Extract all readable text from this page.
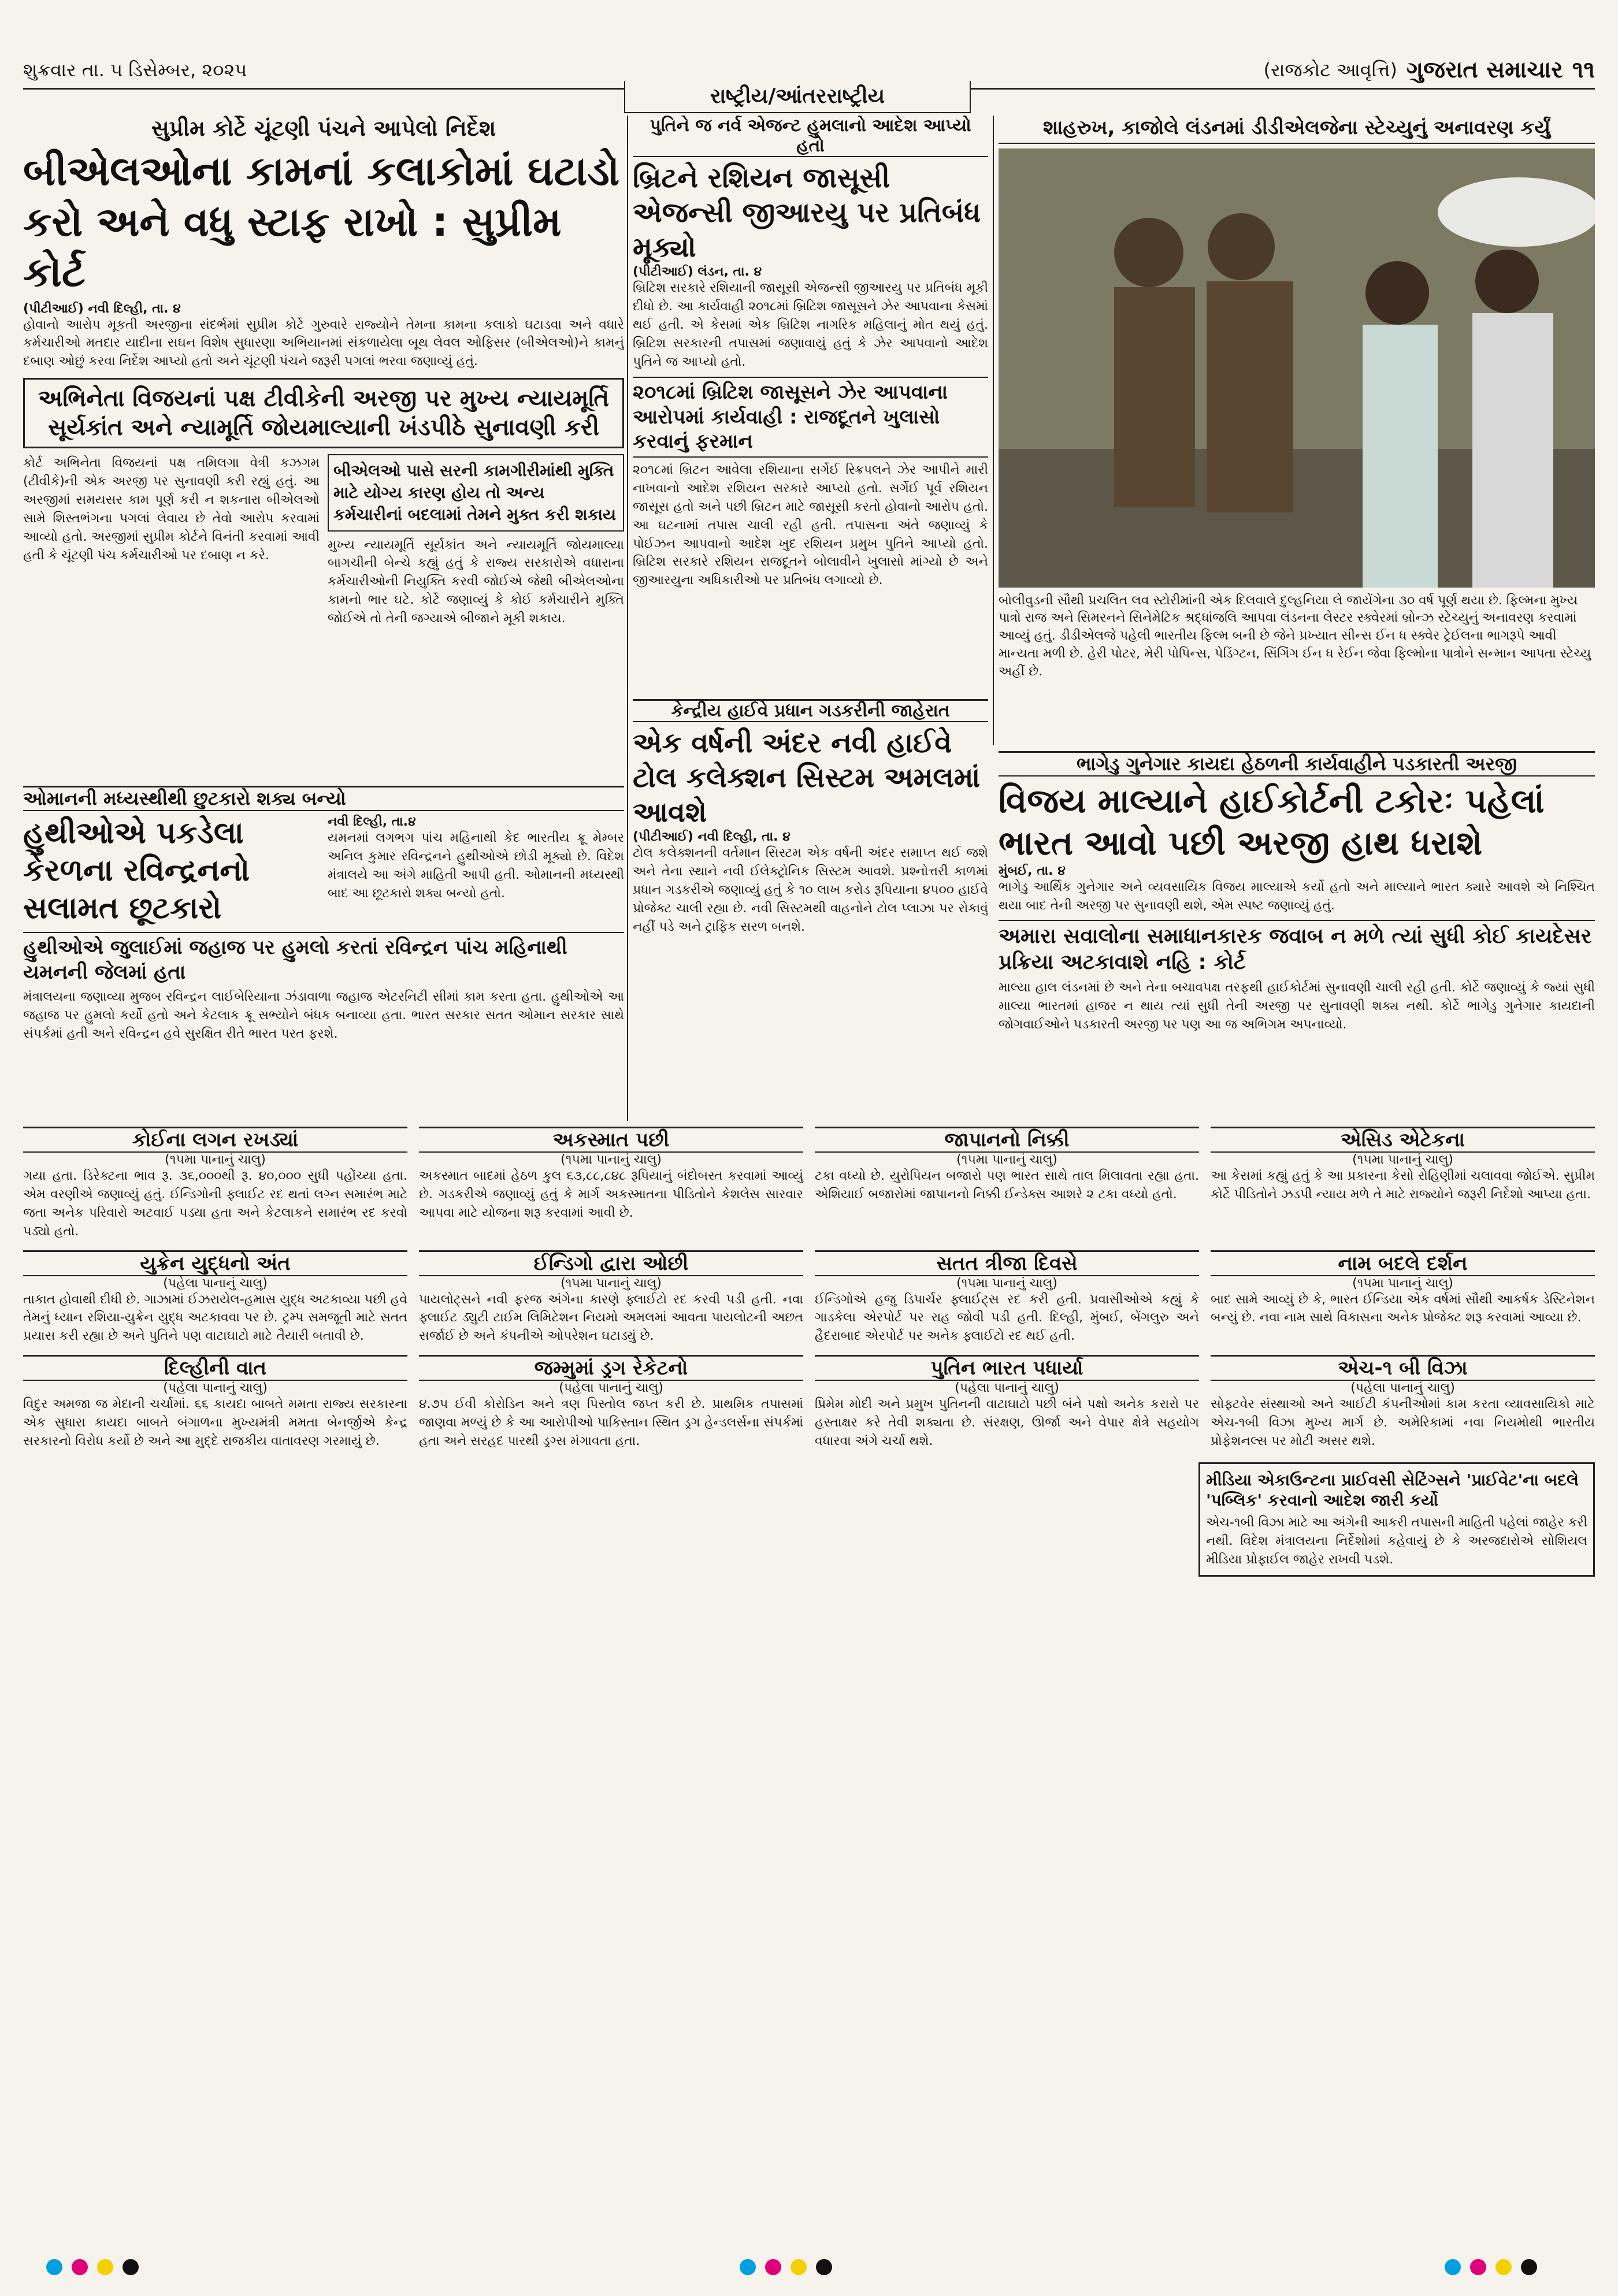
શુક્રવાર તા. ૫ ડિસેમ્બર, ૨૦૨૫	(રાજકોટ આવૃત્તિ) ગુજરાત સમાચાર ૧૧
રાષ્ટ્રીય/આંતરરાષ્ટ્રીય
સુપ્રીમ કોર્ટે ચૂંટણી પંચને આપેલો નિર્દેશ
બીએલઓના કામનાં કલાકોમાં ઘટાડો
કરો અને વધુ સ્ટાફ રાખો : સુપ્રીમ કોર્ટ
(પીટીઆઈ) નવી દિલ્હી, તા. ૪
હોવાનો આરોપ મૂકતી અરજીના સંદર્ભમાં સુપ્રીમ કોર્ટે ગુરુવારે રાજ્યોને તેમના કામના કલાકો ઘટાડવા અને વધારે કર્મચારીઓ મતદાર યાદીના સઘન વિશેષ સુધારણા અભિયાનમાં સંકળાયેલા બૂથ લેવલ ઓફિસર (બીએલઓ)ને કામનું દબાણ ઓછું કરવા નિર્દેશ આપ્યો હતો અને ચૂંટણી પંચને જરૂરી પગલાં ભરવા જણાવ્યું હતું.
અભિનેતા વિજયનાં પક્ષ ટીવીકેની અરજી પર મુખ્ય ન્યાયમૂર્તિ સૂર્યકાંત અને ન્યામૂર્તિ જોયમાલ્યાની ખંડપીઠે સુનાવણી કરી
કોર્ટ અભિનેતા વિજયનાં પક્ષ તમિલગા વેત્રી કઝગમ (ટીવીકે)ની એક અરજી પર સુનાવણી કરી રહ્યું હતું. આ અરજીમાં સમયસર કામ પૂર્ણ કરી ન શકનારા બીએલઓ સામે શિસ્તભંગના પગલાં લેવાય છે તેવો આરોપ કરવામાં આવ્યો હતો. અરજીમાં સુપ્રીમ કોર્ટને વિનંતી કરવામાં આવી હતી કે ચૂંટણી પંચ કર્મચારીઓ પર દબાણ ન કરે.
બીએલઓ પાસે સરની કામગીરીમાંથી મુક્તિ માટે યોગ્ય કારણ હોય તો અન્ય કર્મચારીનાં બદલામાં તેમને મુક્ત કરી શકાય
મુખ્ય ન્યાયમૂર્તિ સૂર્યકાંત અને ન્યાયમૂર્તિ જોયમાલ્યા બાગચીની બેન્ચે કહ્યું હતું કે રાજ્ય સરકારોએ વધારાના કર્મચારીઓની નિયુક્તિ કરવી જોઈએ જેથી બીએલઓના કામનો ભાર ઘટે. કોર્ટે જણાવ્યું કે કોઈ કર્મચારીને મુક્તિ જોઈએ તો તેની જગ્યાએ બીજાને મૂકી શકાય.
પુતિને જ નર્વ એજન્ટ હુમલાનો આદેશ આપ્યો હતો
બ્રિટને રશિયન જાસૂસી એજન્સી જીઆરયુ પર પ્રતિબંધ મૂક્યો
(પીટીઆઈ) લંડન, તા. ૪
બ્રિટિશ સરકારે રશિયાની જાસૂસી એજન્સી જીઆરયુ પર પ્રતિબંધ મૂકી દીધો છે. આ કાર્યવાહી ૨૦૧૮માં બ્રિટિશ જાસૂસને ઝેર આપવાના કેસમાં થઈ હતી. એ કેસમાં એક બ્રિટિશ નાગરિક મહિલાનું મોત થયું હતું. બ્રિટિશ સરકારની તપાસમાં જણાવાયું હતું કે ઝેર આપવાનો આદેશ પુતિને જ આપ્યો હતો.
૨૦૧૮માં બ્રિટિશ જાસૂસને ઝેર આપવાના આરોપમાં કાર્યવાહી : રાજદૂતને ખુલાસો કરવાનું ફરમાન
૨૦૧૮માં બ્રિટન આવેલા રશિયાના સર્ગેઈ સ્ક્રિપલને ઝેર આપીને મારી નાખવાનો આદેશ રશિયન સરકારે આપ્યો હતો. સર્ગેઈ પૂર્વ રશિયન જાસૂસ હતો અને પછી બ્રિટન માટે જાસૂસી કરતો હોવાનો આરોપ હતો. આ ઘટનામાં તપાસ ચાલી રહી હતી. તપાસના અંતે જણાવ્યું કે પોઈઝન આપવાનો આદેશ ખુદ રશિયન પ્રમુખ પુતિને આપ્યો હતો. બ્રિટિશ સરકારે રશિયન રાજદૂતને બોલાવીને ખુલાસો માંગ્યો છે અને જીઆરયુના અધિકારીઓ પર પ્રતિબંધ લગાવ્યો છે.
શાહરુખ, કાજોલે લંડનમાં ડીડીએલજેના સ્ટેચ્યુનું અનાવરણ કર્યું
બોલીવુડની સૌથી પ્રચલિત લવ સ્ટોરીમાંની એક દિલવાલે દુલ્હનિયા લે જાયેંગેના ૩૦ વર્ષ પૂર્ણ થયા છે. ફિલ્મના મુખ્ય પાત્રો રાજ અને સિમરનને સિનેમેટિક શ્રદ્ધાંજલિ આપવા લંડનના લેસ્ટર સ્ક્વેરમાં બ્રોન્ઝ સ્ટેચ્યુનું અનાવરણ કરવામાં આવ્યું હતું. ડીડીએલજે પહેલી ભારતીય ફિલ્મ બની છે જેને પ્રખ્યાત સીન્સ ઈન ધ સ્ક્વેર ટ્રેઈલના ભાગરૂપે આવી માન્યતા મળી છે. હેરી પોટર, મેરી પોપિન્સ, પેડિંગ્ટન, સિંગિંગ ઈન ધ રેઈન જેવા ફિલ્મોના પાત્રોને સન્માન આપતા સ્ટેચ્યુ અહીં છે.
ઓમાનની મધ્યસ્થીથી છુટકારો શક્ય બન્યો
હુથીઓએ પકડેલા કેરળના રવિન્દ્રનનો સલામત છૂટકારો
નવી દિલ્હી, તા.૪
યમનમાં લગભગ પાંચ મહિનાથી કેદ ભારતીય ક્રૂ મેમ્બર અનિલ કુમાર રવિન્દ્રનને હુથીઓએ છોડી મૂક્યો છે. વિદેશ મંત્રાલયે આ અંગે માહિતી આપી હતી. ઓમાનની મધ્યસ્થી બાદ આ છૂટકારો શક્ય બન્યો હતો.
હુથીઓએ જુલાઈમાં જહાજ પર હુમલો કરતાં રવિન્દ્રન પાંચ મહિનાથી યમનની જેલમાં હતા
મંત્રાલયના જણાવ્યા મુજબ રવિન્દ્રન લાઈબેરિયાના ઝંડાવાળા જહાજ એટરનિટી સીમાં કામ કરતા હતા. હુથીઓએ આ જહાજ પર હુમલો કર્યો હતો અને કેટલાક ક્રૂ સભ્યોને બંધક બનાવ્યા હતા. ભારત સરકાર સતત ઓમાન સરકાર સાથે સંપર્કમાં હતી અને રવિન્દ્રન હવે સુરક્ષિત રીતે ભારત પરત ફરશે.
કેન્દ્રીય હાઈવે પ્રધાન ગડકરીની જાહેરાત
એક વર્ષની અંદર નવી હાઈવે ટોલ કલેક્શન સિસ્ટમ અમલમાં આવશે
(પીટીઆઈ) નવી દિલ્હી, તા. ૪
ટોલ કલેક્શનની વર્તમાન સિસ્ટમ એક વર્ષની અંદર સમાપ્ત થઈ જશે અને તેના સ્થાને નવી ઈલેક્ટ્રોનિક સિસ્ટમ આવશે. પ્રશ્નોત્તરી કાળમાં પ્રધાન ગડકરીએ જણાવ્યું હતું કે ૧૦ લાખ કરોડ રૂપિયાના ૪૫૦૦ હાઈવે પ્રોજેક્ટ ચાલી રહ્યા છે. નવી સિસ્ટમથી વાહનોને ટોલ પ્લાઝા પર રોકાવું નહીં પડે અને ટ્રાફિક સરળ બનશે.
ભાગેડુ ગુનેગાર કાયદા હેઠળની કાર્યવાહીને પડકારતી અરજી
વિજય માલ્યાને હાઈકોર્ટની ટકોરઃ પહેલાં ભારત આવો પછી અરજી હાથ ધરાશે
મુંબઈ, તા. ૪
ભાગેડુ આર્થિક ગુનેગાર અને વ્યવસાયિક વિજય માલ્યાએ કર્યો હતો અને માલ્યાને ભારત ક્યારે આવશે એ નિશ્ચિત થયા બાદ તેની અરજી પર સુનાવણી થશે, એમ સ્પષ્ટ જણાવ્યું હતું.
અમારા સવાલોના સમાધાનકારક જવાબ ન મળે ત્યાં સુધી કોઈ કાયદેસર પ્રક્રિયા અટકાવાશે નહિ : કોર્ટ
માલ્યા હાલ લંડનમાં છે અને તેના બચાવપક્ષ તરફથી હાઈકોર્ટમાં સુનાવણી ચાલી રહી હતી. કોર્ટે જણાવ્યું કે જ્યાં સુધી માલ્યા ભારતમાં હાજર ન થાય ત્યાં સુધી તેની અરજી પર સુનાવણી શક્ય નથી. કોર્ટે ભાગેડુ ગુનેગાર કાયદાની જોગવાઈઓને પડકારતી અરજી પર પણ આ જ અભિગમ અપનાવ્યો.
કોઈના લગન રખડ્યાં
(૧૫મા પાનાનું ચાલુ)
ગયા હતા. ડિરેક્ટના ભાવ રૂ. ૩૬,૦૦૦થી રૂ. ૪૦,૦૦૦ સુધી પહોંચ્યા હતા. એમ વરણીએ જણાવ્યું હતું. ઈન્ડિગોની ફ્લાઈટ રદ થતાં લગ્ન સમારંભ માટે જતા અનેક પરિવારો અટવાઈ પડ્યા હતા અને કેટલાકને સમારંભ રદ કરવો પડ્યો હતો.
અકસ્માત પછી
(૧૫મા પાનાનું ચાલુ)
અકસ્માત બાદમાં હેઠળ કુલ ૬૩,૮૮,૮૪૮ રૂપિયાનું બંદોબસ્ત કરવામાં આવ્યું છે. ગડકરીએ જણાવ્યું હતું કે માર્ગ અકસ્માતના પીડિતોને કેશલેસ સારવાર આપવા માટે યોજના શરૂ કરવામાં આવી છે.
જાપાનનો નિક્કી
(૧૫મા પાનાનું ચાલુ)
ટકા વધ્યો છે. યુરોપિયન બજારો પણ ભારત સાથે તાલ મિલાવતા રહ્યા હતા. એશિયાઈ બજારોમાં જાપાનનો નિક્કી ઈન્ડેક્સ આશરે ૨ ટકા વધ્યો હતો.
એસિડ એટેકના
(૧૫મા પાનાનું ચાલુ)
આ કેસમાં કહ્યું હતું કે આ પ્રકારના કેસો રોહિણીમાં ચલાવવા જોઈએ. સુપ્રીમ કોર્ટે પીડિતોને ઝડપી ન્યાય મળે તે માટે રાજ્યોને જરૂરી નિર્દેશો આપ્યા હતા.
યુક્રેન યુદ્ધનો અંત
(પહેલા પાનાનું ચાલુ)
તાકાત હોવાથી દીધી છે. ગાઝામાં ઈઝરાયેલ-હમાસ યુદ્ધ અટકાવ્યા પછી હવે તેમનું ધ્યાન રશિયા-યુક્રેન યુદ્ધ અટકાવવા પર છે. ટ્રમ્પ સમજૂતી માટે સતત પ્રયાસ કરી રહ્યા છે અને પુતિને પણ વાટાઘાટો માટે તૈયારી બતાવી છે.
ઈન્ડિગો દ્વારા ઓછી
(૧૫મા પાનાનું ચાલુ)
પાયલોટ્સને નવી ફરજ અંગેના કારણે ફ્લાઈટો રદ કરવી પડી હતી. નવા ફ્લાઈટ ડ્યુટી ટાઈમ લિમિટેશન નિયમો અમલમાં આવતા પાયલોટની અછત સર્જાઈ છે અને કંપનીએ ઓપરેશન ઘટાડ્યું છે.
સતત ત્રીજા દિવસે
(૧૫મા પાનાનું ચાલુ)
ઈન્ડિગોએ હજુ ડિપાર્ચર ફ્લાઈટ્સ રદ કરી હતી. પ્રવાસીઓએ કહ્યું કે ગાડકેલા એરપોર્ટ પર રાહ જોવી પડી હતી. દિલ્હી, મુંબઈ, બેંગલુરુ અને હૈદરાબાદ એરપોર્ટ પર અનેક ફ્લાઈટો રદ થઈ હતી.
નામ બદલે દર્શન
(૧૫મા પાનાનું ચાલુ)
બાદ સામે આવ્યું છે કે, ભારત ઈન્ડિયા એક વર્ષમાં સૌથી આકર્ષક ડેસ્ટિનેશન બન્યું છે. નવા નામ સાથે વિકાસના અનેક પ્રોજેક્ટ શરૂ કરવામાં આવ્યા છે.
દિલ્હીની વાત
(પહેલા પાનાનું ચાલુ)
વિદુર અમજા જ મેદાની ચર્ચામાં. ૬૬ કાયદા બાબતે મમતા રાજ્ય સરકારના એક સુધારા કાયદા બાબતે બંગાળના મુખ્યમંત્રી મમતા બેનર્જીએ કેન્દ્ર સરકારનો વિરોધ કર્યો છે અને આ મુદ્દે રાજકીય વાતાવરણ ગરમાયું છે.
જમ્મુમાં ડ્રગ રેકેટનો
(પહેલા પાનાનું ચાલુ)
૪.૭૫ ઈવી કોરોડિન અને ત્રણ પિસ્તોલ જપ્ત કરી છે. પ્રાથમિક તપાસમાં જાણવા મળ્યું છે કે આ આરોપીઓ પાકિસ્તાન સ્થિત ડ્રગ હેન્ડલર્સના સંપર્કમાં હતા અને સરહદ પારથી ડ્રગ્સ મંગાવતા હતા.
પુતિન ભારત પધાર્યા
(પહેલા પાનાનું ચાલુ)
પ્રિમેમ મોદી અને પ્રમુખ પુતિનની વાટાઘાટો પછી બંને પક્ષો અનેક કરારો પર હસ્તાક્ષર કરે તેવી શક્યતા છે. સંરક્ષણ, ઊર્જા અને વેપાર ક્ષેત્રે સહયોગ વધારવા અંગે ચર્ચા થશે.
એચ-૧ બી વિઝા
(પહેલા પાનાનું ચાલુ)
સોફ્ટવેર સંસ્થાઓ અને આઈટી કંપનીઓમાં કામ કરતા વ્યાવસાયિકો માટે એચ-૧બી વિઝા મુખ્ય માર્ગ છે. અમેરિકામાં નવા નિયમોથી ભારતીય પ્રોફેશનલ્સ પર મોટી અસર થશે.
મીડિયા એકાઉન્ટના પ્રાઈવસી સેટિંગ્સને 'પ્રાઈવેટ'ના બદલે 'પબ્લિક' કરવાનો આદેશ જારી કર્યો
એચ-૧બી વિઝા માટે આ અંગેની આકરી તપાસની માહિતી પહેલાં જાહેર કરી નથી. વિદેશ મંત્રાલયના નિર્દેશોમાં કહેવાયું છે કે અરજદારોએ સોશિયલ મીડિયા પ્રોફાઈલ જાહેર રાખવી પડશે.
